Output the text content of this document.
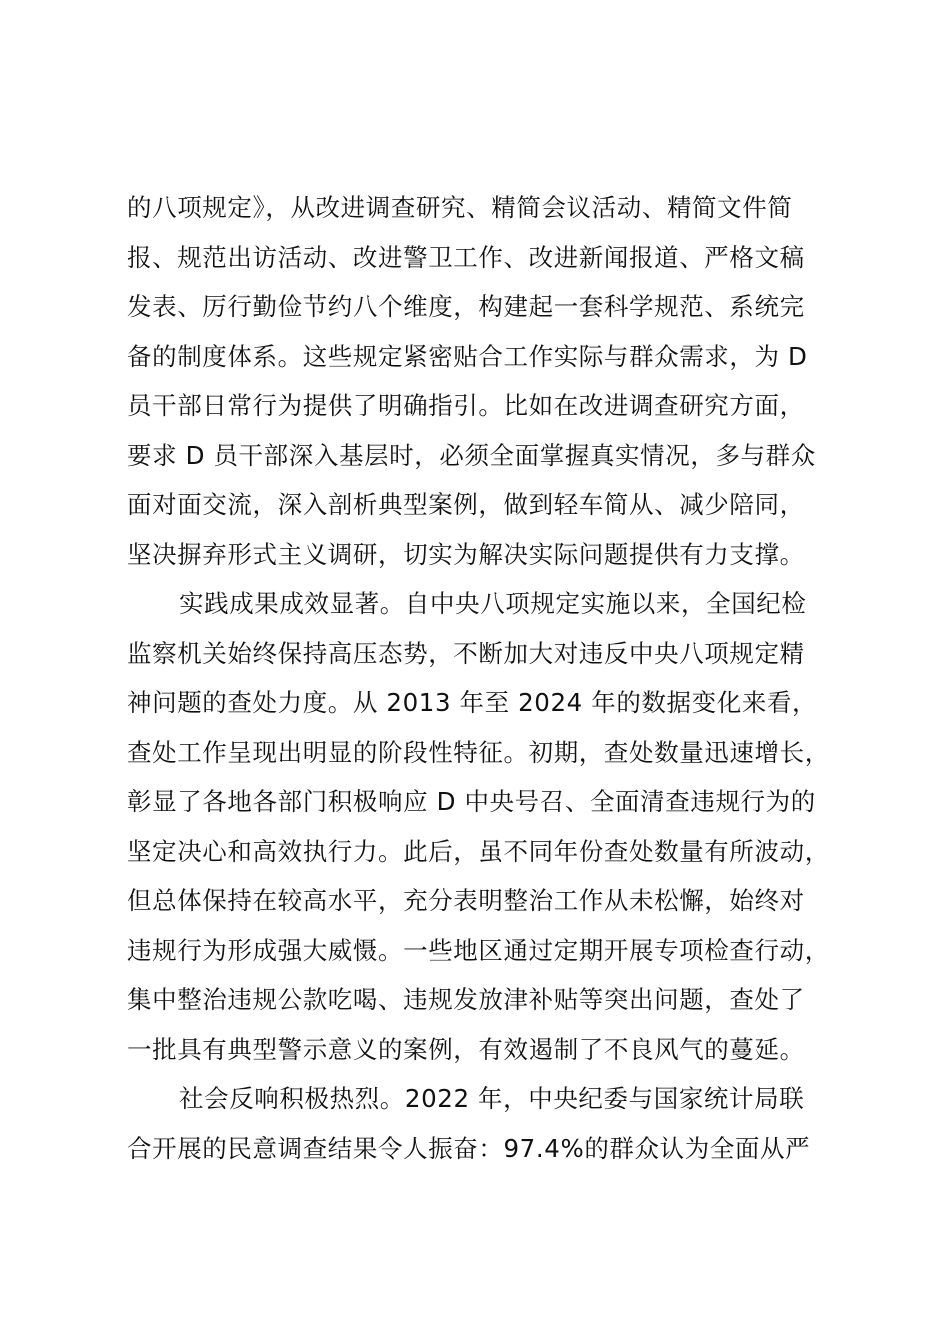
的八项规定》，从改进调查研究、精简会议活动、精简文件简
报、规范出访活动、改进警卫工作、改进新闻报道、严格文稿
发表、厉行勤俭节约八个维度，构建起一套科学规范、系统完
备的制度体系。这些规定紧密贴合工作实际与群众需求，为 D
员干部日常行为提供了明确指引。比如在改进调查研究方面，
要求 D 员干部深入基层时，必须全面掌握真实情况，多与群众
面对面交流，深入剖析典型案例，做到轻车简从、减少陪同，
坚决摒弃形式主义调研，切实为解决实际问题提供有力支撑。
实践成果成效显著。自中央八项规定实施以来，全国纪检
监察机关始终保持高压态势，不断加大对违反中央八项规定精
神问题的查处力度。从 2013 年至 2024 年的数据变化来看，
查处工作呈现出明显的阶段性特征。初期，查处数量迅速增长，
彰显了各地各部门积极响应 D 中央号召、全面清查违规行为的
坚定决心和高效执行力。此后，虽不同年份查处数量有所波动，
但总体保持在较高水平，充分表明整治工作从未松懈，始终对
违规行为形成强大威慑。一些地区通过定期开展专项检查行动，
集中整治违规公款吃喝、违规发放津补贴等突出问题，查处了
一批具有典型警示意义的案例，有效遏制了不良风气的蔓延。
社会反响积极热烈。2022 年，中央纪委与国家统计局联
合开展的民意调查结果令人振奋：97.4%的群众认为全面从严
